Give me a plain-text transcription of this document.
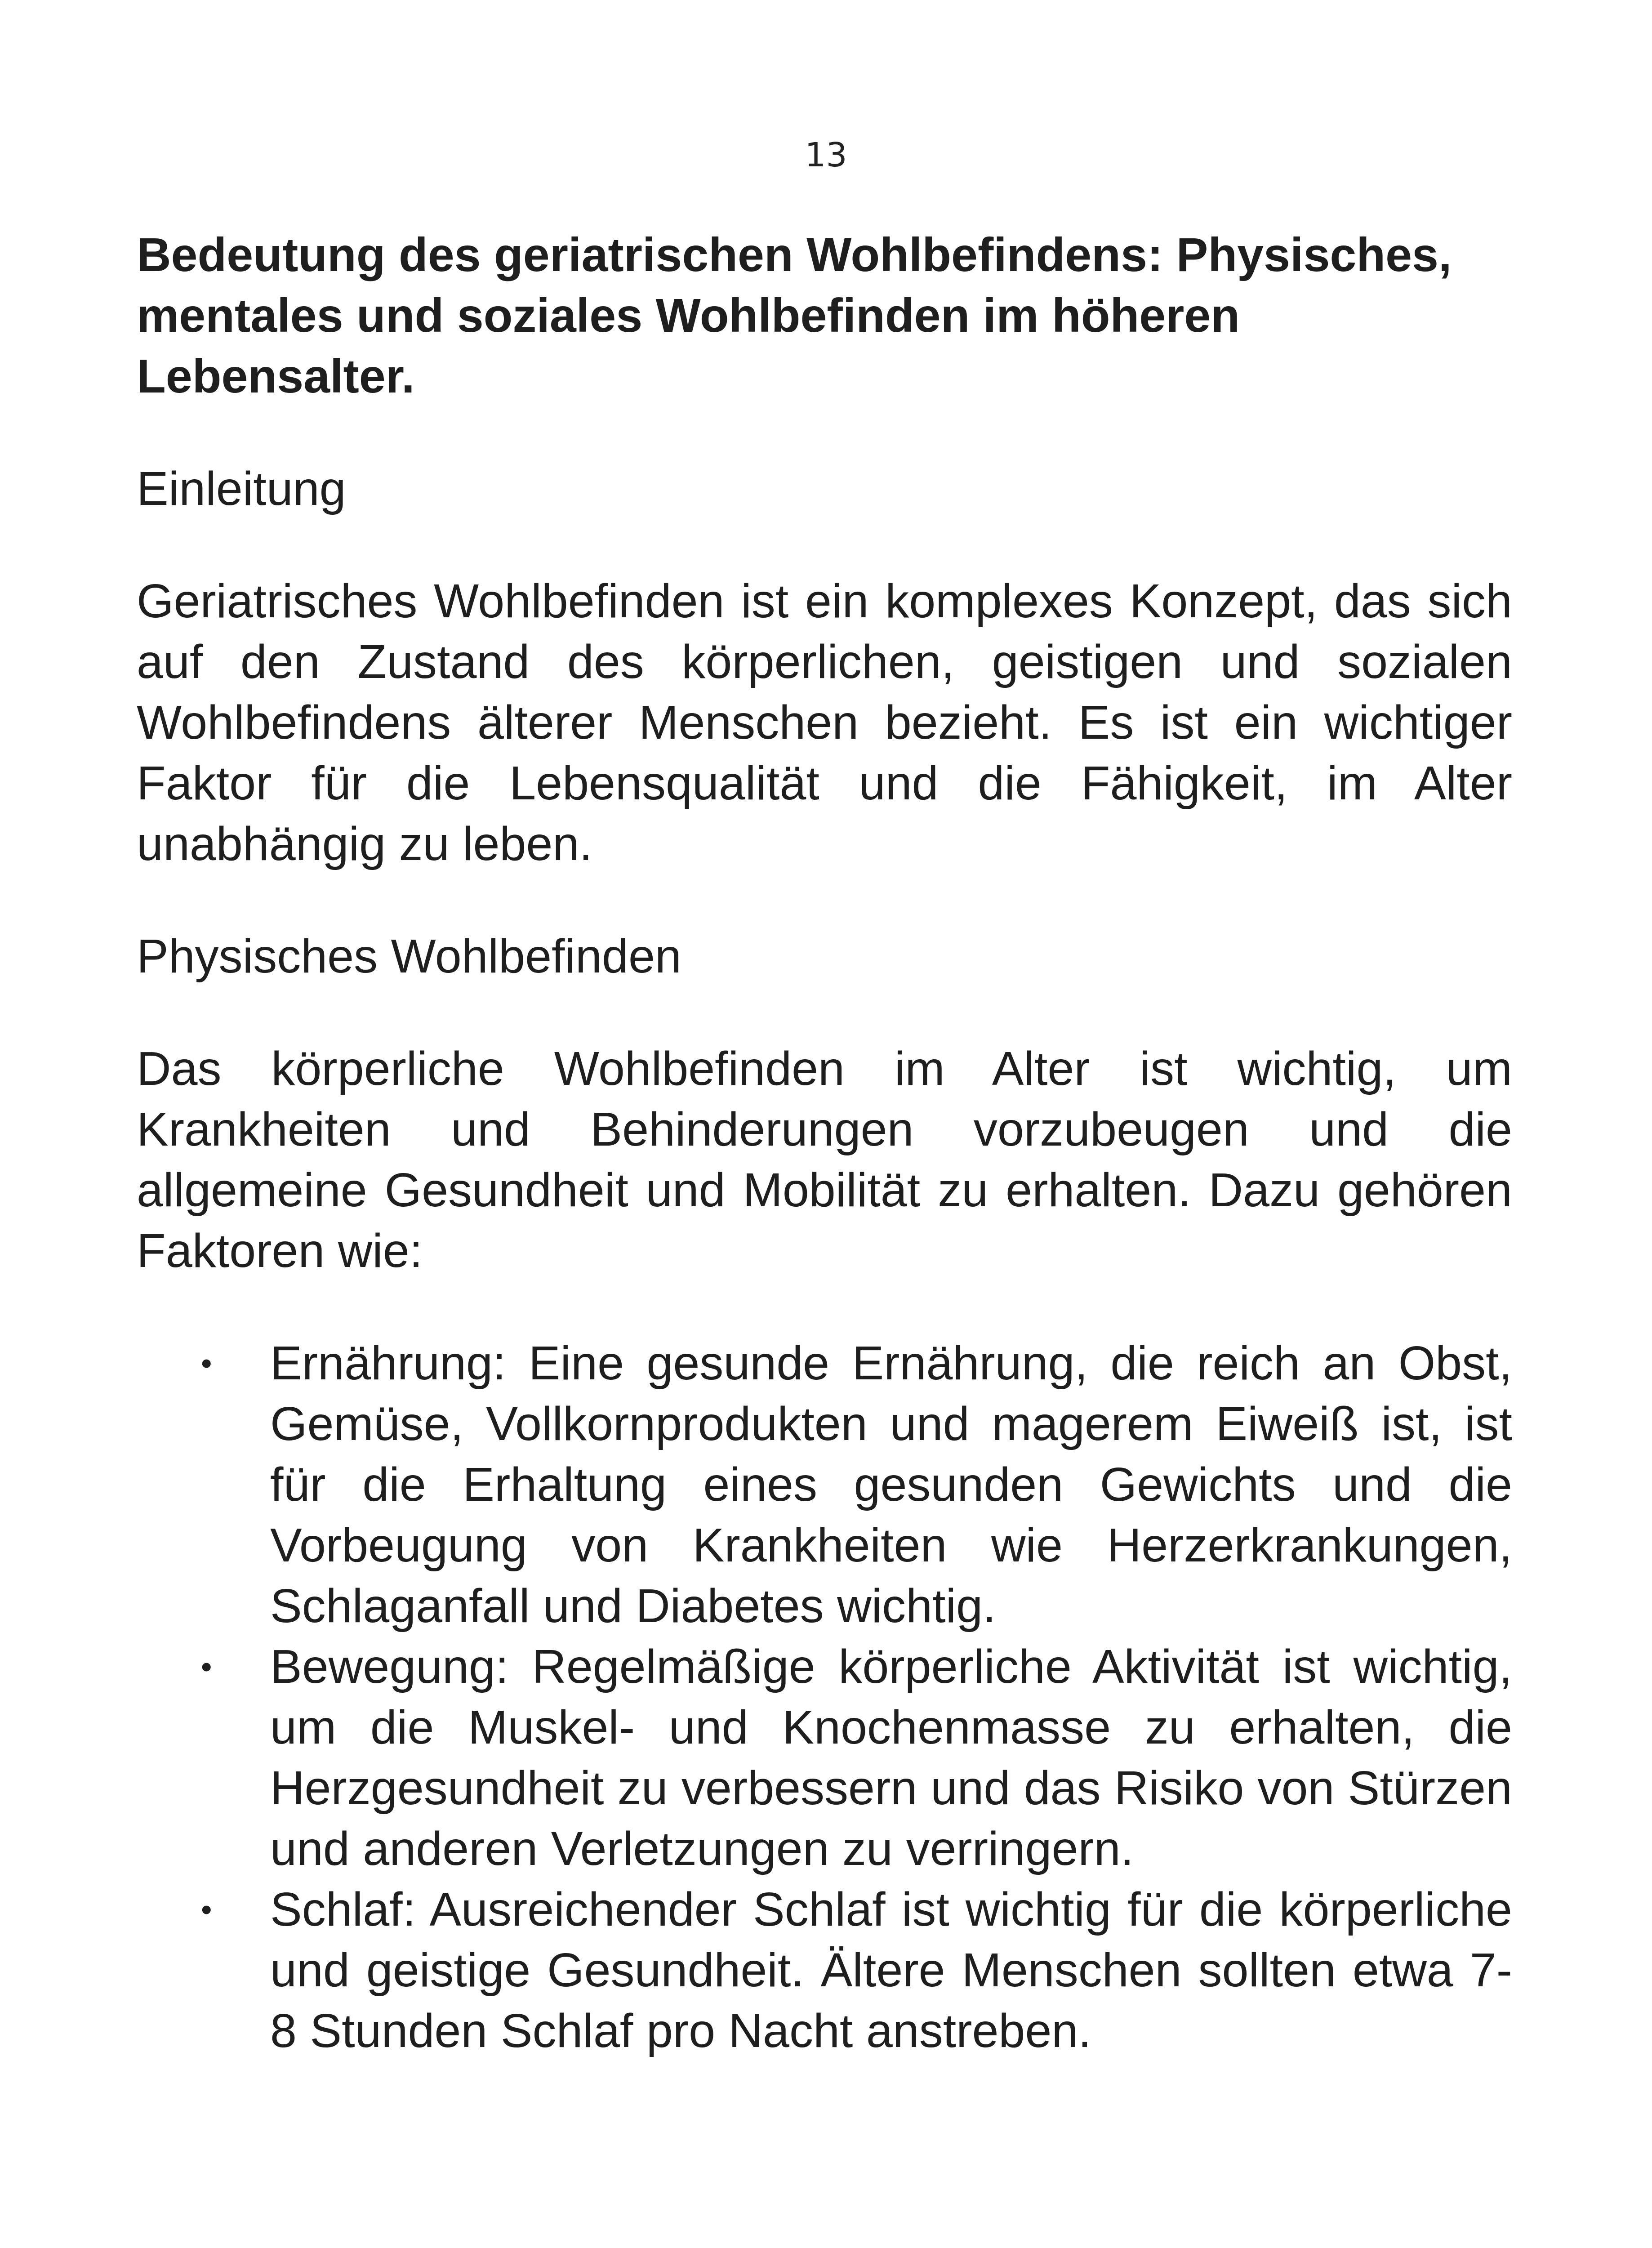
13
Bedeutung des geriatrischen Wohlbefindens: Physisches, mentales und soziales Wohlbefinden im höheren Lebensalter.
Einleitung

Geriatrisches Wohlbefinden ist ein komplexes Konzept, das sich auf den Zustand des körperlichen, geistigen und sozialen Wohlbefindens älterer Menschen bezieht. Es ist ein wichtiger Faktor für die Lebensqualität und die Fähigkeit, im Alter unabhängig zu leben.

Physisches Wohlbefinden

Das körperliche Wohlbefinden im Alter ist wichtig, um Krankheiten und Behinderungen vorzubeugen und die allgemeine Gesundheit und Mobilität zu erhalten. Dazu gehören Faktoren wie:

•	Ernährung: Eine gesunde Ernährung, die reich an Obst, Gemüse, Vollkornprodukten und magerem Eiweiß ist, ist für die Erhaltung eines gesunden Gewichts und die Vorbeugung von Krankheiten wie Herzerkrankungen, Schlaganfall und Diabetes wichtig.
•	Bewegung: Regelmäßige körperliche Aktivität ist wichtig, um die Muskel- und Knochenmasse zu erhalten, die Herzgesundheit zu verbessern und das Risiko von Stürzen und anderen Verletzungen zu verringern.
•	Schlaf: Ausreichender Schlaf ist wichtig für die körperliche und geistige Gesundheit. Ältere Menschen sollten etwa 7-8 Stunden Schlaf pro Nacht anstreben.
